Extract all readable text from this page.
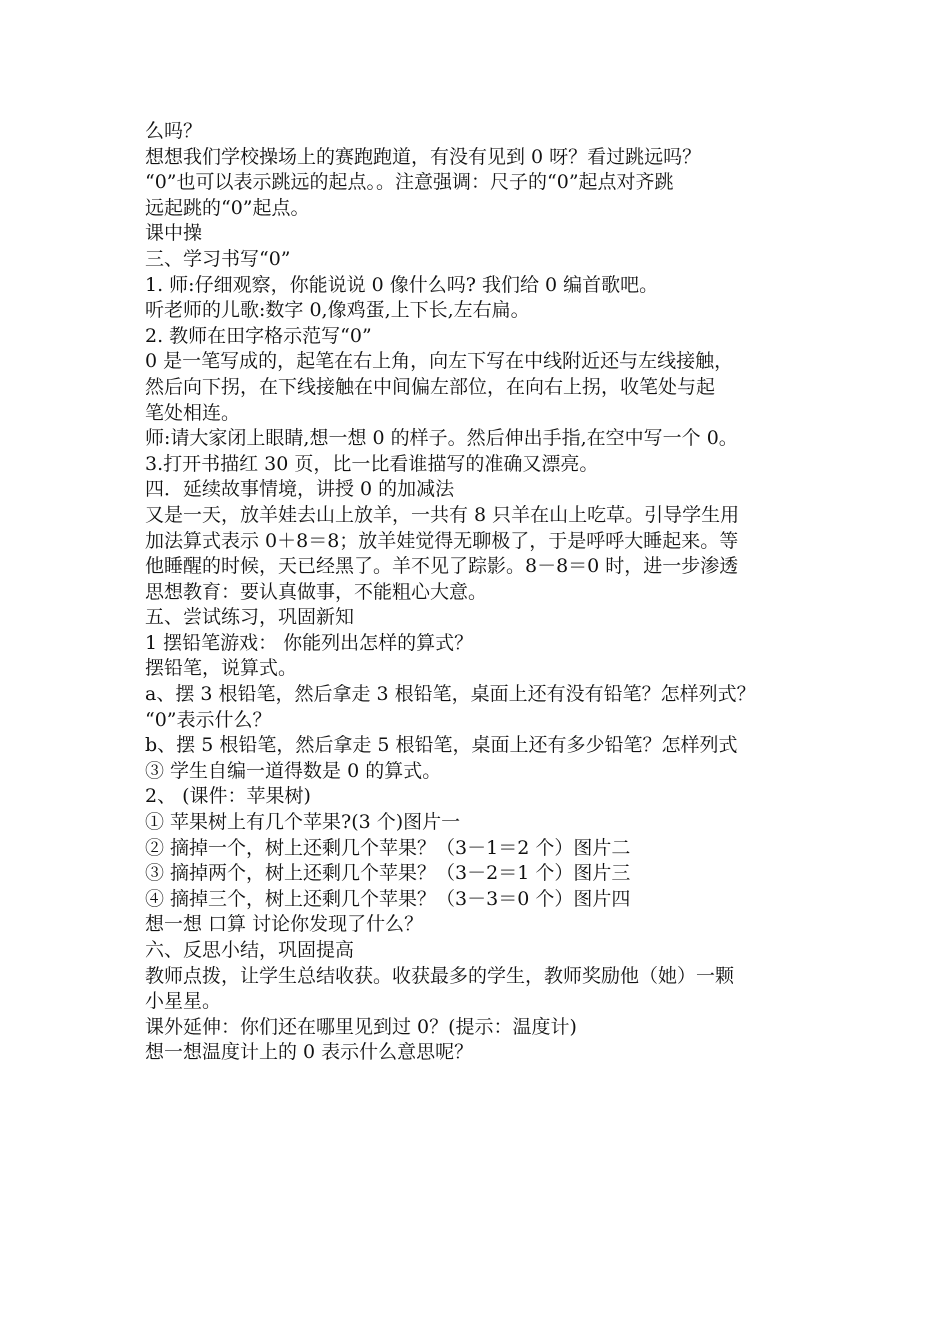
么吗？
想想我们学校操场上的赛跑跑道，有没有见到 0 呀？看过跳远吗？
“0”也可以表示跳远的起点。。注意强调：尺子的“0”起点对齐跳
远起跳的“0”起点。
课中操
三、学习书写“0”
1. 师:仔细观察，你能说说 0 像什么吗? 我们给 0 编首歌吧。
听老师的儿歌:数字 0,像鸡蛋,上下长,左右扁。
2. 教师在田字格示范写“0”
0 是一笔写成的，起笔在右上角，向左下写在中线附近还与左线接触，
然后向下拐，在下线接触在中间偏左部位，在向右上拐，收笔处与起
笔处相连。
师:请大家闭上眼睛,想一想 0 的样子。然后伸出手指,在空中写一个 0。
3.打开书描红 30 页，比一比看谁描写的准确又漂亮。
四．延续故事情境，讲授 0 的加减法
又是一天，放羊娃去山上放羊，一共有 8 只羊在山上吃草。引导学生用
加法算式表示 0＋8＝8；放羊娃觉得无聊极了，于是呼呼大睡起来。等
他睡醒的时候，天已经黑了。羊不见了踪影。8－8＝0 时，进一步渗透
思想教育：要认真做事，不能粗心大意。
五、尝试练习，巩固新知
1 摆铅笔游戏： 你能列出怎样的算式？
摆铅笔，说算式。
a、摆 3 根铅笔，然后拿走 3 根铅笔，桌面上还有没有铅笔？怎样列式？
“0”表示什么？
b、摆 5 根铅笔，然后拿走 5 根铅笔，桌面上还有多少铅笔？怎样列式
③ 学生自编一道得数是 0 的算式。
2、 (课件：苹果树)
① 苹果树上有几个苹果?(3 个)图片一
② 摘掉一个，树上还剩几个苹果？（3－1＝2 个）图片二
③ 摘掉两个，树上还剩几个苹果？（3－2＝1 个）图片三
④ 摘掉三个，树上还剩几个苹果？（3－3＝0 个）图片四
想一想 口算 讨论你发现了什么？
六、反思小结，巩固提高
教师点拨，让学生总结收获。收获最多的学生，教师奖励他（她）一颗
小星星。
课外延伸：你们还在哪里见到过 0？(提示：温度计)
想一想温度计上的 0 表示什么意思呢？
